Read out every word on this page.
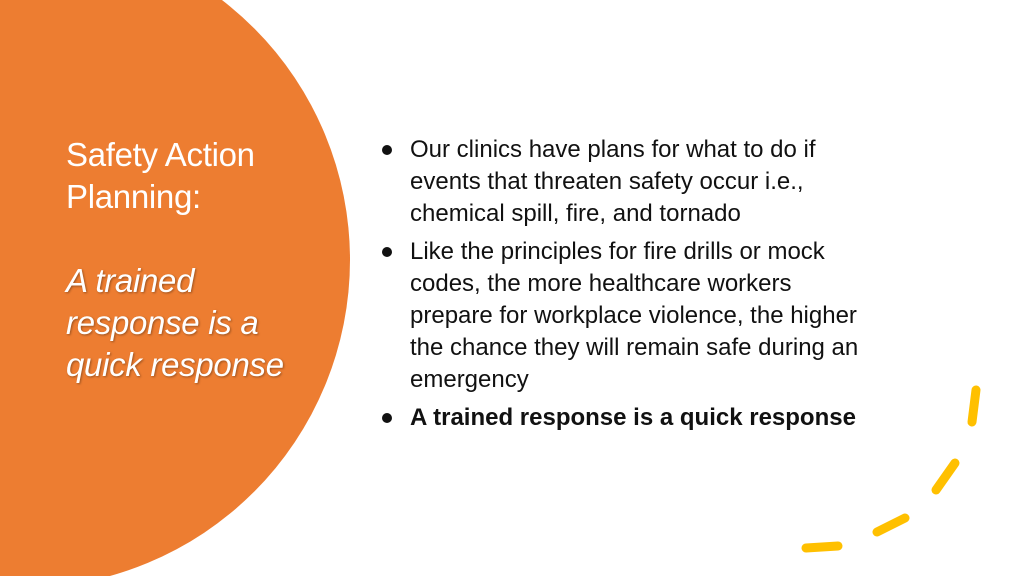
Safety Action
Planning:
A trained
response is a
quick response
Our clinics have plans for what to do if
events that threaten safety occur i.e.,
chemical spill, fire, and tornado
Like the principles for fire drills or mock
codes, the more healthcare workers
prepare for workplace violence, the higher
the chance they will remain safe during an
emergency
A trained response is a quick response
